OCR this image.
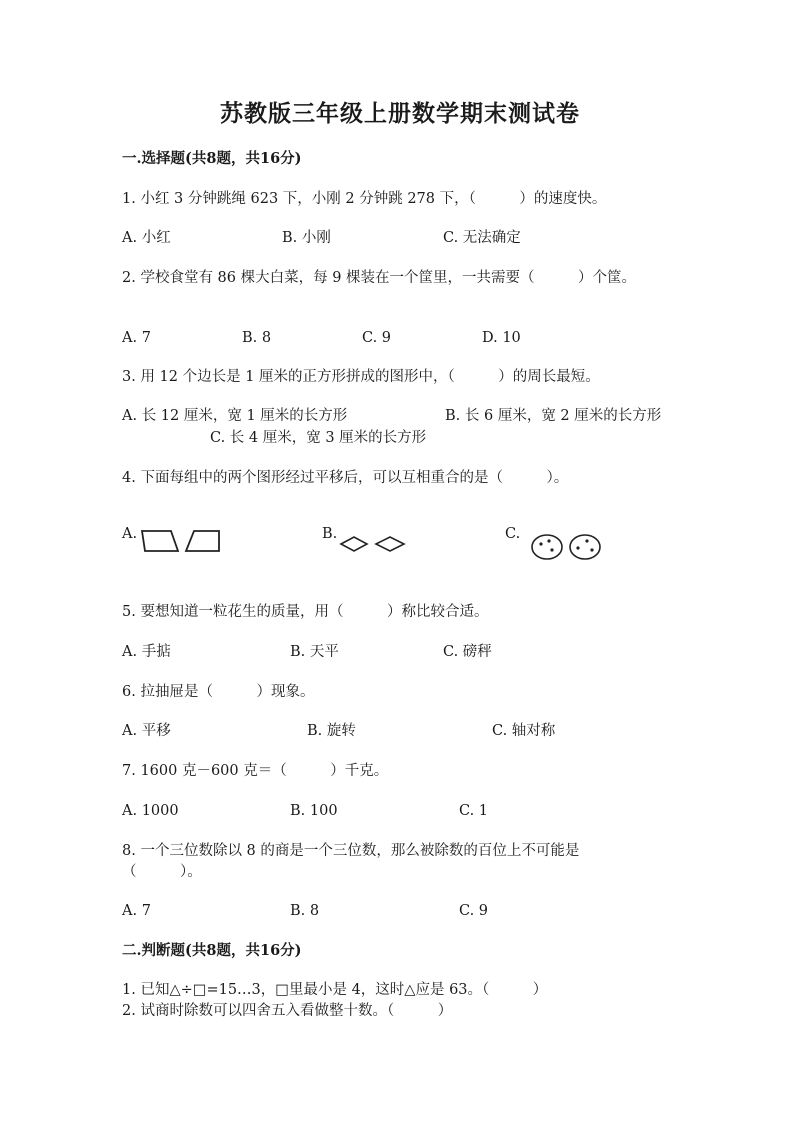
苏教版三年级上册数学期末测试卷
一.选择题(共8题，共16分)
1. 小红 3 分钟跳绳 623 下，小刚 2 分钟跳 278 下，（　　　）的速度快。
A. 小红	B. 小刚	C. 无法确定
2. 学校食堂有 86 棵大白菜，每 9 棵装在一个筐里，一共需要（　　　）个筐。
A. 7	B. 8	C. 9	D. 10
3. 用 12 个边长是 1 厘米的正方形拼成的图形中，（　　　）的周长最短。
A. 长 12 厘米，宽 1 厘米的长方形	B. 长 6 厘米，宽 2 厘米的长方形
C. 长 4 厘米，宽 3 厘米的长方形
4. 下面每组中的两个图形经过平移后，可以互相重合的是（　　　）。
A.	B.	C.
5. 要想知道一粒花生的质量，用（　　　）称比较合适。
A. 手掂	B. 天平	C. 磅秤
6. 拉抽屉是（　　　）现象。
A. 平移	B. 旋转	C. 轴对称
7. 1600 克－600 克＝（　　　）千克。
A. 1000	B. 100	C. 1
8. 一个三位数除以 8 的商是一个三位数，那么被除数的百位上不可能是
（　　　）。
A. 7	B. 8	C. 9
二.判断题(共8题，共16分)
1. 已知△÷□=15…3，□里最小是 4，这时△应是 63。（　　　）
2. 试商时除数可以四舍五入看做整十数。（　　　）
